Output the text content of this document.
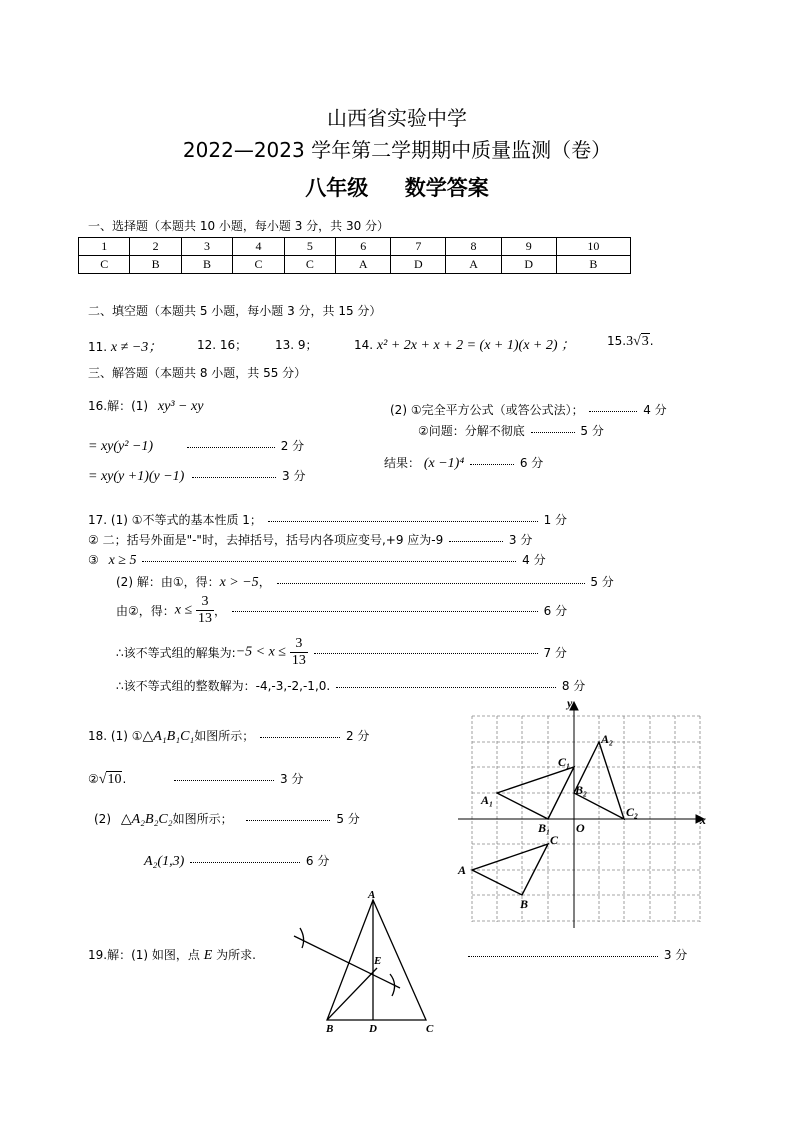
山西省实验中学
2022—2023 学年第二学期期中质量监测（卷）
八年级     数学答案
一、选择题（本题共 10 小题，每小题 3 分，共 30 分）
1	2	3	4	5	6	7	8	9	10
C	B	B	C	C	A	D	A	D	B
二、填空题（本题共 5 小题，每小题 3 分，共 15 分）
11. x ≠ −3；	12. 16； 13. 9；	14. x² + 2x + x + 2 = (x + 1)(x + 2) ；	15.3√3.
三、解答题（本题共 8 小题，共 55 分）
16.解：(1) xy³ − xy
= xy(y² −1)	2 分
= xy(y +1)(y −1)	3 分
(2) ①完全平方公式（或答公式法）；	4 分
②问题：分解不彻底	5 分
结果： (x −1)⁴	6 分
17. (1) ①不等式的基本性质 1；	1 分
② 二；括号外面是"-"时，去掉括号，括号内各项应变号,+9 应为-9	3 分
③ x ≥ 5	4 分
(2) 解：由①，得：x > −5，	5 分
由②，得：$x \le \frac{3}{13}$ ，	6 分
∴该不等式组的解集为:−5 < $x \le \frac{3}{13}$	7 分
∴该不等式组的整数解为：-4,-3,-2,-1,0.	8 分
18. (1) ①△A₁B₁C₁如图所示；	2 分
②√10.	3 分
(2) △A₂B₂C₂如图所示；	5 分
A₂(1,3)	6 分
19.解：(1) 如图，点 E 为所求.	3 分
y
x
O
A
B
C
A₁
B₁
C₁
A₂
B₂
C₂
A
B	C
D
E
